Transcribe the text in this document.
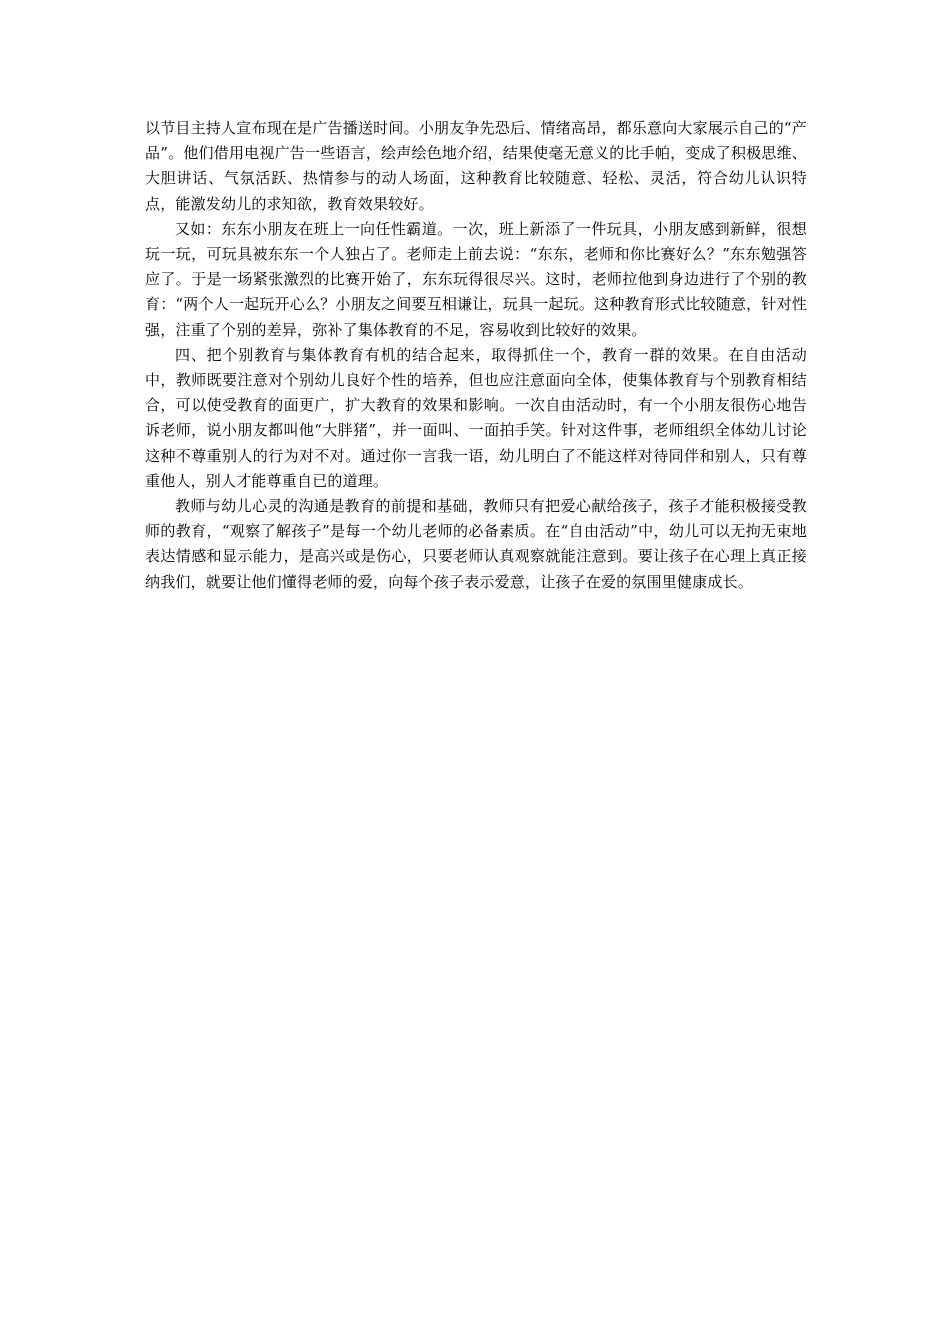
以节目主持人宣布现在是广告播送时间。小朋友争先恐后、情绪高昂，都乐意向大家展示自己的“产品”。他们借用电视广告一些语言，绘声绘色地介绍，结果使毫无意义的比手帕，变成了积极思维、大胆讲话、气氛活跃、热情参与的动人场面，这种教育比较随意、轻松、灵活，符合幼儿认识特点，能激发幼儿的求知欲，教育效果较好。

又如：东东小朋友在班上一向任性霸道。一次，班上新添了一件玩具，小朋友感到新鲜，很想玩一玩，可玩具被东东一个人独占了。老师走上前去说：“东东，老师和你比赛好么？”东东勉强答应了。于是一场紧张激烈的比赛开始了，东东玩得很尽兴。这时，老师拉他到身边进行了个别的教育：“两个人一起玩开心么？小朋友之间要互相谦让，玩具一起玩。这种教育形式比较随意，针对性强，注重了个别的差异，弥补了集体教育的不足，容易收到比较好的效果。

四、把个别教育与集体教育有机的结合起来，取得抓住一个，教育一群的效果。在自由活动中，教师既要注意对个别幼儿良好个性的培养，但也应注意面向全体，使集体教育与个别教育相结合，可以使受教育的面更广，扩大教育的效果和影响。一次自由活动时，有一个小朋友很伤心地告诉老师，说小朋友都叫他“大胖猪”，并一面叫、一面拍手笑。针对这件事，老师组织全体幼儿讨论这种不尊重别人的行为对不对。通过你一言我一语，幼儿明白了不能这样对待同伴和别人，只有尊重他人，别人才能尊重自已的道理。

教师与幼儿心灵的沟通是教育的前提和基础，教师只有把爱心献给孩子，孩子才能积极接受教师的教育，“观察了解孩子”是每一个幼儿老师的必备素质。在“自由活动”中，幼儿可以无拘无束地表达情感和显示能力，是高兴或是伤心，只要老师认真观察就能注意到。要让孩子在心理上真正接纳我们，就要让他们懂得老师的爱，向每个孩子表示爱意，让孩子在爱的氛围里健康成长。
